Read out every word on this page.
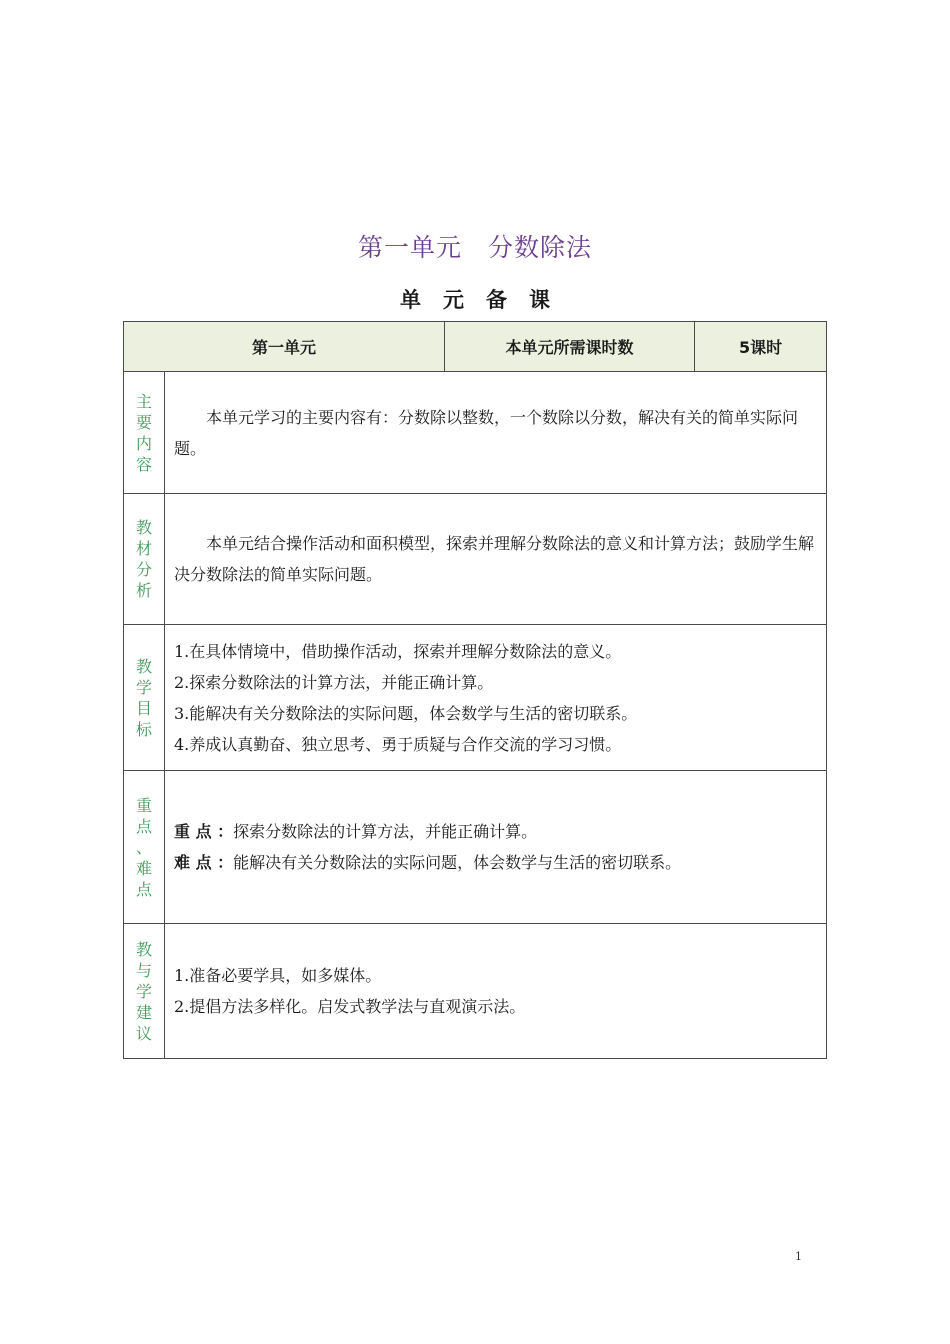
第一单元　分数除法
单元备课
第一单元		本单元所需课时数	5课时

主
要
内
容	本单元学习的主要内容有：分数除以整数，一个数除以分数，解决有关的简单实际问题。		

教
材
分
析	本单元结合操作活动和面积模型，探索并理解分数除法的意义和计算方法；鼓励学生解决分数除法的简单实际问题。		

教
学
目
标	1.在具体情境中，借助操作活动，探索并理解分数除法的意义。
2.探索分数除法的计算方法，并能正确计算。
3.能解决有关分数除法的实际问题，体会数学与生活的密切联系。
4.养成认真勤奋、独立思考、勇于质疑与合作交流的学习习惯。		

重
点
、
难
点	重 点 ：探索分数除法的计算方法，并能正确计算。
难 点 ：能解决有关分数除法的实际问题，体会数学与生活的密切联系。		

教
与
学
建
议	1.准备必要学具，如多媒体。
2.提倡方法多样化。启发式教学法与直观演示法。		
1
